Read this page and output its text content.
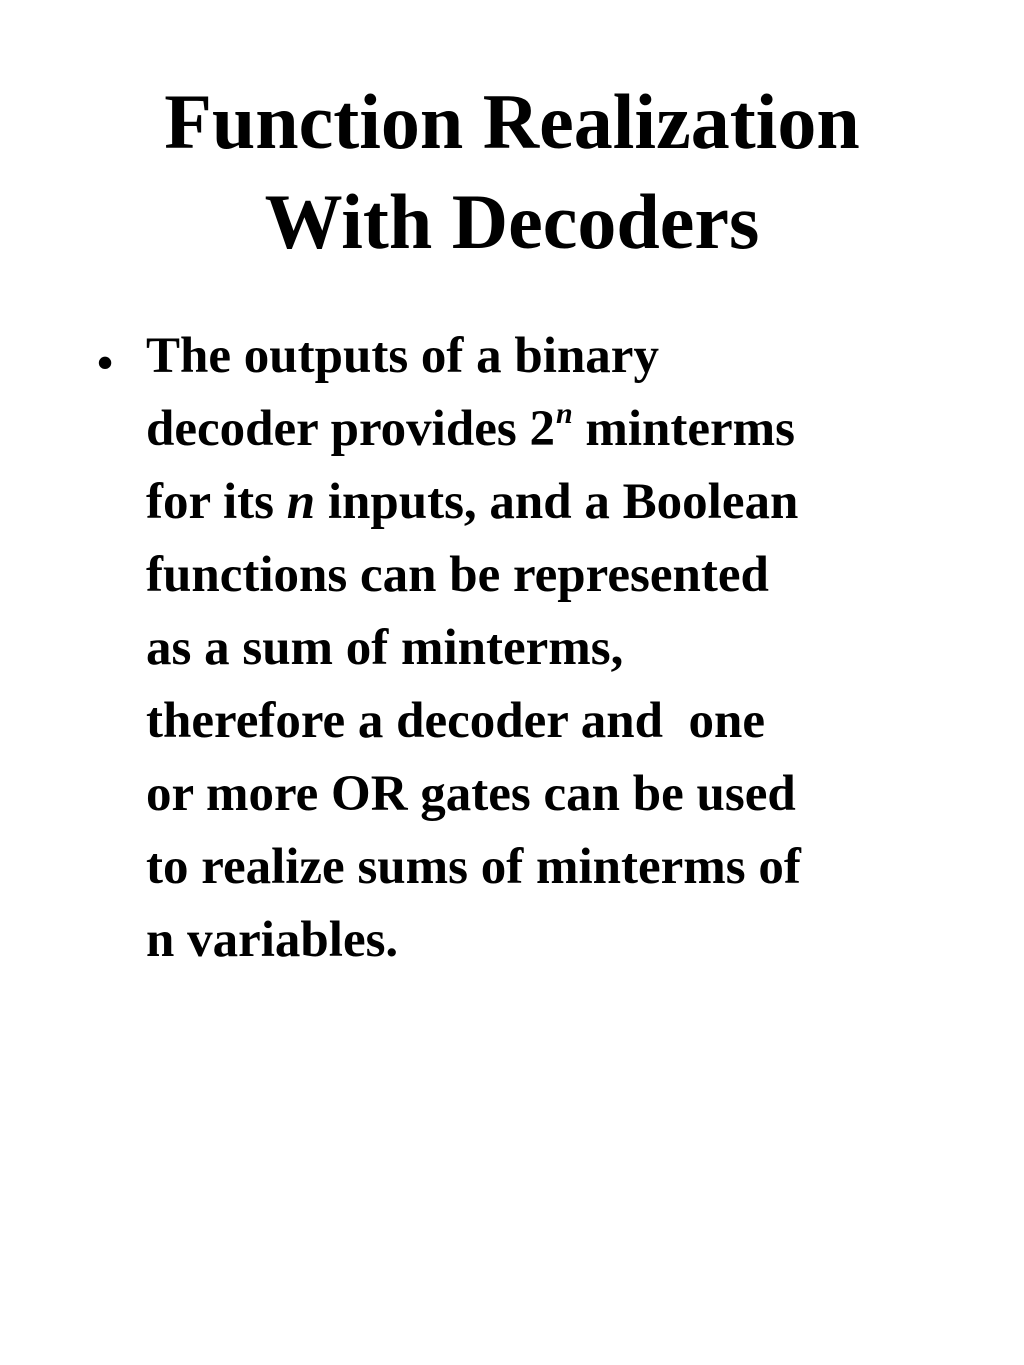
Function Realization
With Decoders
• The outputs of a binary
decoder provides 2$^n$ minterms
for its n inputs, and a Boolean
functions can be represented
as a sum of minterms,
therefore a decoder and  one
or more OR gates can be used
to realize sums of minterms of
n variables.
